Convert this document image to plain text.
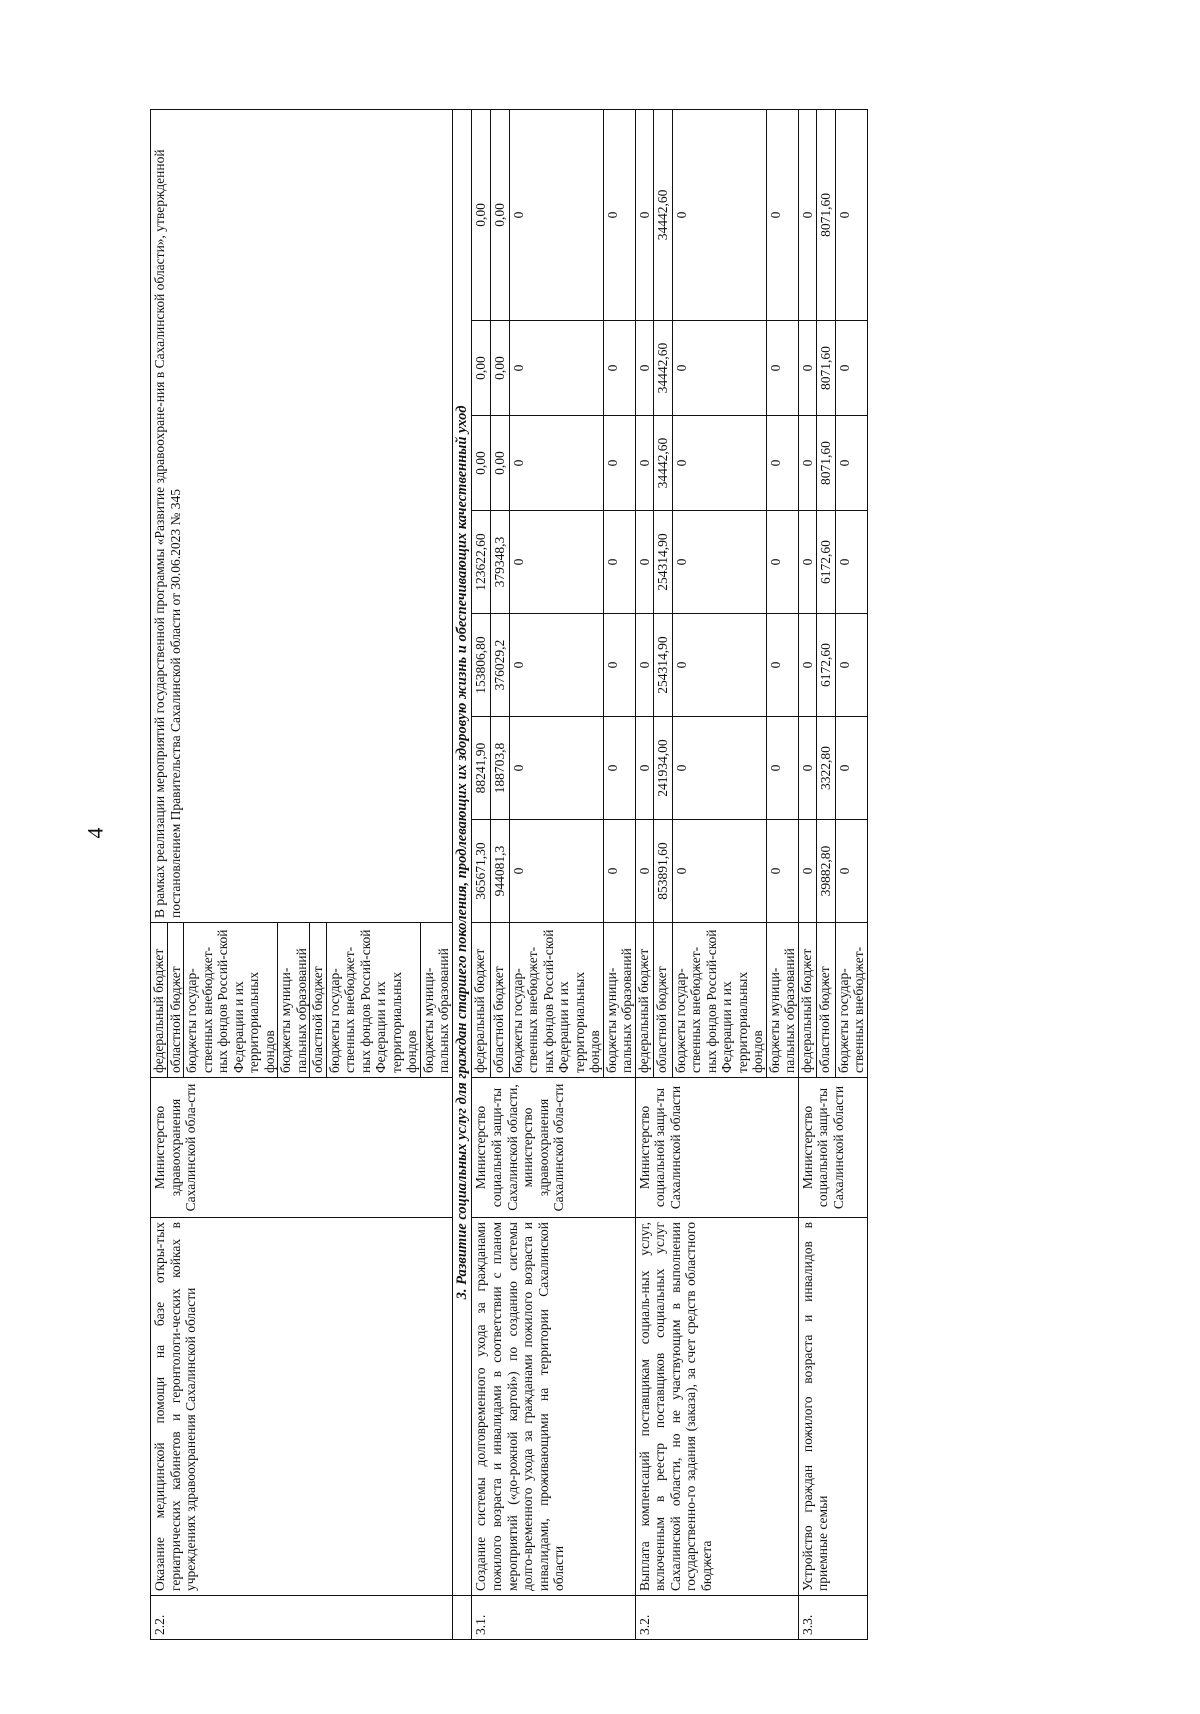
4
2.2.	Оказание медицинской помощи на базе откры-тых гериатрических кабинетов и геронтологи-ческих койках в учреждениях здравоохранения Сахалинской области	Министерство здравоохранения Сахалинской обла-сти	федеральный бюджет	В рамках реализации мероприятий государственной программы «Развитие здравоохране-ния в Сахалинской области», утвержденной постановлением Правительства Сахалинской области от 30.06.2023 № 345						
			областной бюджет							
			бюджеты государ-ственных внебюджет-ных фондов Россий-ской Федерации и их территориальных фондов							
			бюджеты муници-пальных образований							
			областной бюджет							
			бюджеты государ-ственных внебюджет-ных фондов Россий-ской Федерации и их территориальных фондов							
			бюджеты муници-пальных образований							
	3. Развитие социальных услуг для граждан старшего поколения, продлевающих их здоровую жизнь и обеспечивающих качественный уход									
3.1.	Создание системы долговременного ухода за гражданами пожилого возраста и инвалидами в соответствии с планом мероприятий («до-рожной картой») по созданию системы долго-временного ухода за гражданами пожилого возраста и инвалидами, проживающими на территории Сахалинской области	Министерство социальной защи-ты Сахалинской области, министерство здравоохранения Сахалинской обла-сти	федеральный бюджет	365671,30	88241,90	153806,80	123622,60	0,00	0,00	0,00
			областной бюджет	944081,3	188703,8	376029,2	379348,3	0,00	0,00	0,00
			бюджеты государ-ственных внебюджет-ных фондов Россий-ской Федерации и их территориальных фондов	0	0	0	0	0	0	0
			бюджеты муници-пальных образований	0	0	0	0	0	0	0
3.2.	Выплата компенсаций поставщикам социаль-ных услуг, включенным в реестр поставщиков социальных услуг Сахалинской области, но не участвующим в выполнении государственно-го задания (заказа), за счет средств областного бюджета	Министерство социальной защи-ты Сахалинской области	федеральный бюджет	0	0	0	0	0	0	0
			областной бюджет	853891,60	241934,00	254314,90	254314,90	34442,60	34442,60	34442,60
			бюджеты государ-ственных внебюджет-ных фондов Россий-ской Федерации и их территориальных фондов	0	0	0	0	0	0	0
			бюджеты муници-пальных образований	0	0	0	0	0	0	0
3.3.	Устройство граждан пожилого возраста и инвалидов в приемные семьи	Министерство социальной защи-ты Сахалинской области	федеральный бюджет	0	0	0	0	0	0	0
			областной бюджет	39882,80	3322,80	6172,60	6172,60	8071,60	8071,60	8071,60
			бюджеты государ-ственных внебюджет-	0	0	0	0	0	0	0
